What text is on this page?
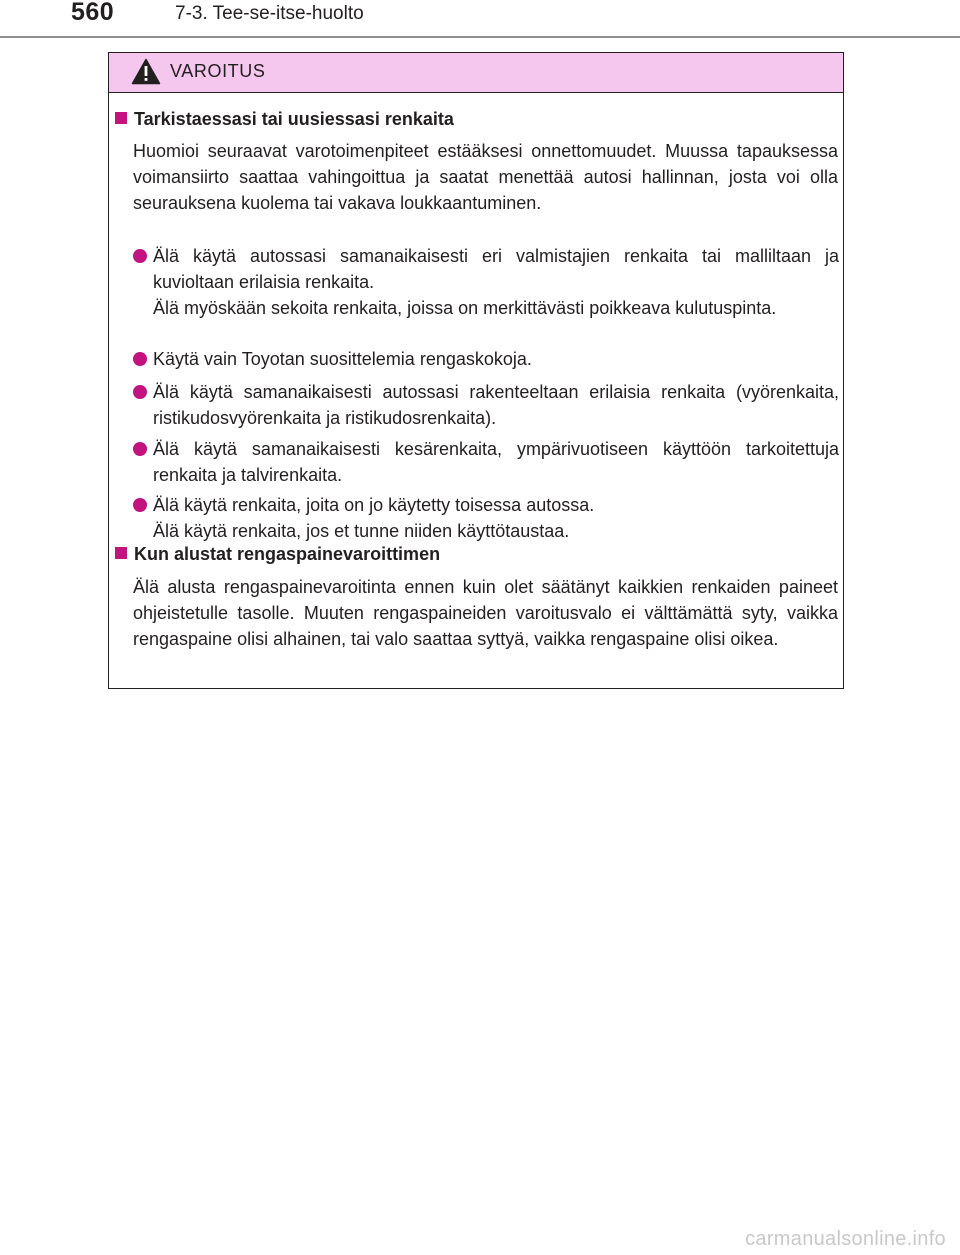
560	7-3. Tee-se-itse-huolto
VAROITUS
Tarkistaessasi tai uusiessasi renkaita
Huomioi seuraavat varotoimenpiteet estääksesi onnettomuudet. Muussa tapauksessa voimansiirto saattaa vahingoittua ja saatat menettää autosi hallinnan, josta voi olla seurauksena kuolema tai vakava loukkaantuminen.
Älä käytä autossasi samanaikaisesti eri valmistajien renkaita tai malliltaan ja kuvioltaan erilaisia renkaita.
Älä myöskään sekoita renkaita, joissa on merkittävästi poikkeava kulutuspinta.
Käytä vain Toyotan suosittelemia rengaskokoja.
Älä käytä samanaikaisesti autossasi rakenteeltaan erilaisia renkaita (vyörenkaita, ristikudosvyörenkaita ja ristikudosrenkaita).
Älä käytä samanaikaisesti kesärenkaita, ympärivuotiseen käyttöön tarkoitettuja renkaita ja talvirenkaita.
Älä käytä renkaita, joita on jo käytetty toisessa autossa.
Älä käytä renkaita, jos et tunne niiden käyttötaustaa.
Kun alustat rengaspainevaroittimen
Älä alusta rengaspainevaroitinta ennen kuin olet säätänyt kaikkien renkaiden paineet ohjeistetulle tasolle. Muuten rengaspaineiden varoitusvalo ei välttämättä syty, vaikka rengaspaine olisi alhainen, tai valo saattaa syttyä, vaikka rengaspaine olisi oikea.
carmanualsonline.info
